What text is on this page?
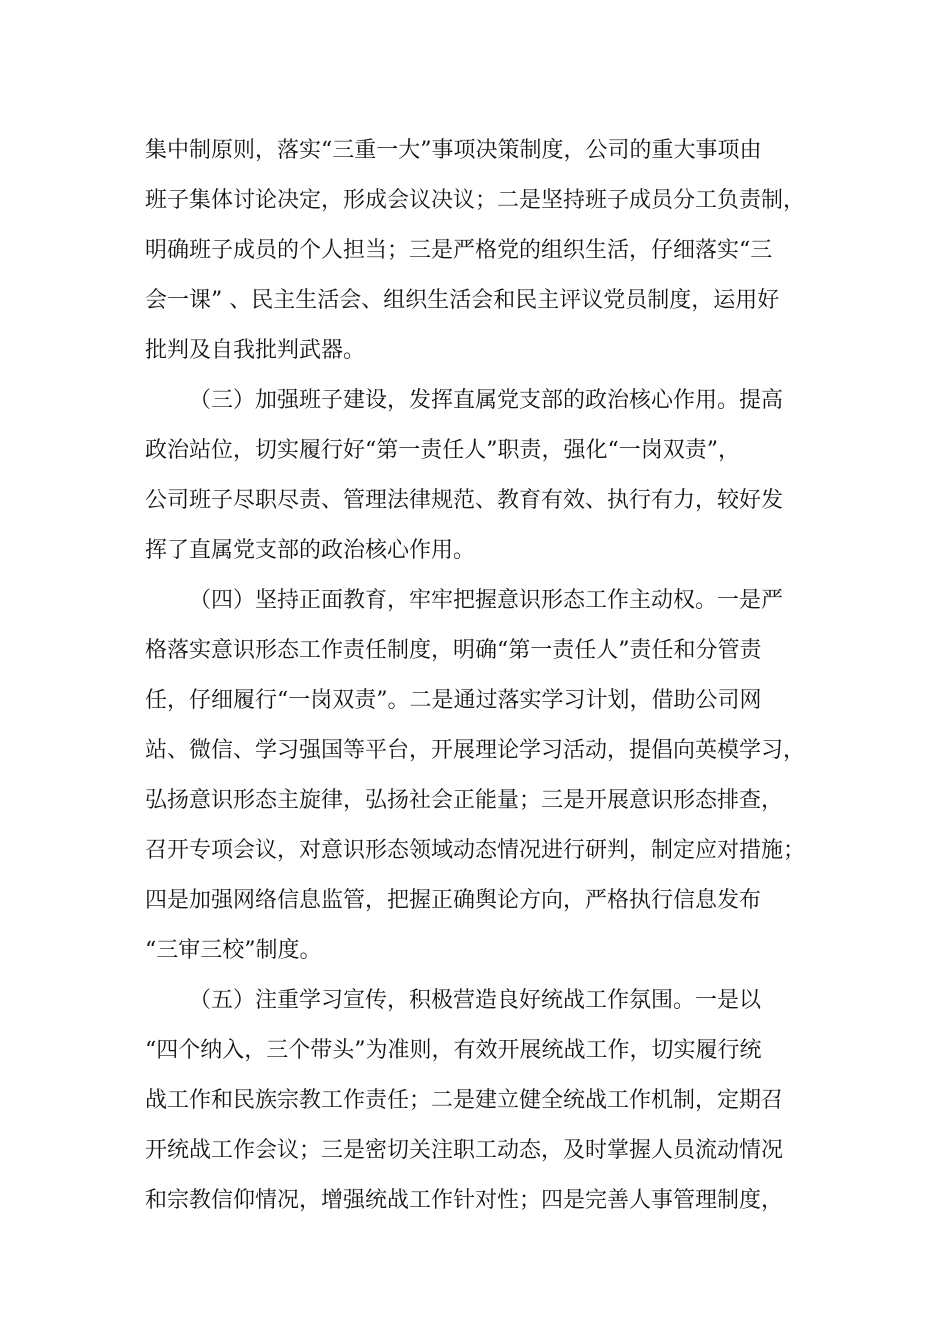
集中制原则，落实“三重一大”事项决策制度，公司的重大事项由
班子集体讨论决定，形成会议决议；二是坚持班子成员分工负责制，
明确班子成员的个人担当；三是严格党的组织生活，仔细落实“三
会一课” 、民主生活会、组织生活会和民主评议党员制度，运用好
批判及自我批判武器。
（三）加强班子建设，发挥直属党支部的政治核心作用。提高
政治站位，切实履行好“第一责任人”职责，强化“一岗双责”，
公司班子尽职尽责、管理法律规范、教育有效、执行有力，较好发
挥了直属党支部的政治核心作用。
（四）坚持正面教育，牢牢把握意识形态工作主动权。一是严
格落实意识形态工作责任制度，明确“第一责任人”责任和分管责
任，仔细履行“一岗双责”。二是通过落实学习计划，借助公司网
站、微信、学习强国等平台，开展理论学习活动，提倡向英模学习，
弘扬意识形态主旋律，弘扬社会正能量；三是开展意识形态排查，
召开专项会议，对意识形态领域动态情况进行研判，制定应对措施；
四是加强网络信息监管，把握正确舆论方向，严格执行信息发布
“三审三校”制度。
（五）注重学习宣传，积极营造良好统战工作氛围。一是以
“四个纳入，三个带头”为准则，有效开展统战工作，切实履行统
战工作和民族宗教工作责任；二是建立健全统战工作机制，定期召
开统战工作会议；三是密切关注职工动态，及时掌握人员流动情况
和宗教信仰情况，增强统战工作针对性；四是完善人事管理制度，
